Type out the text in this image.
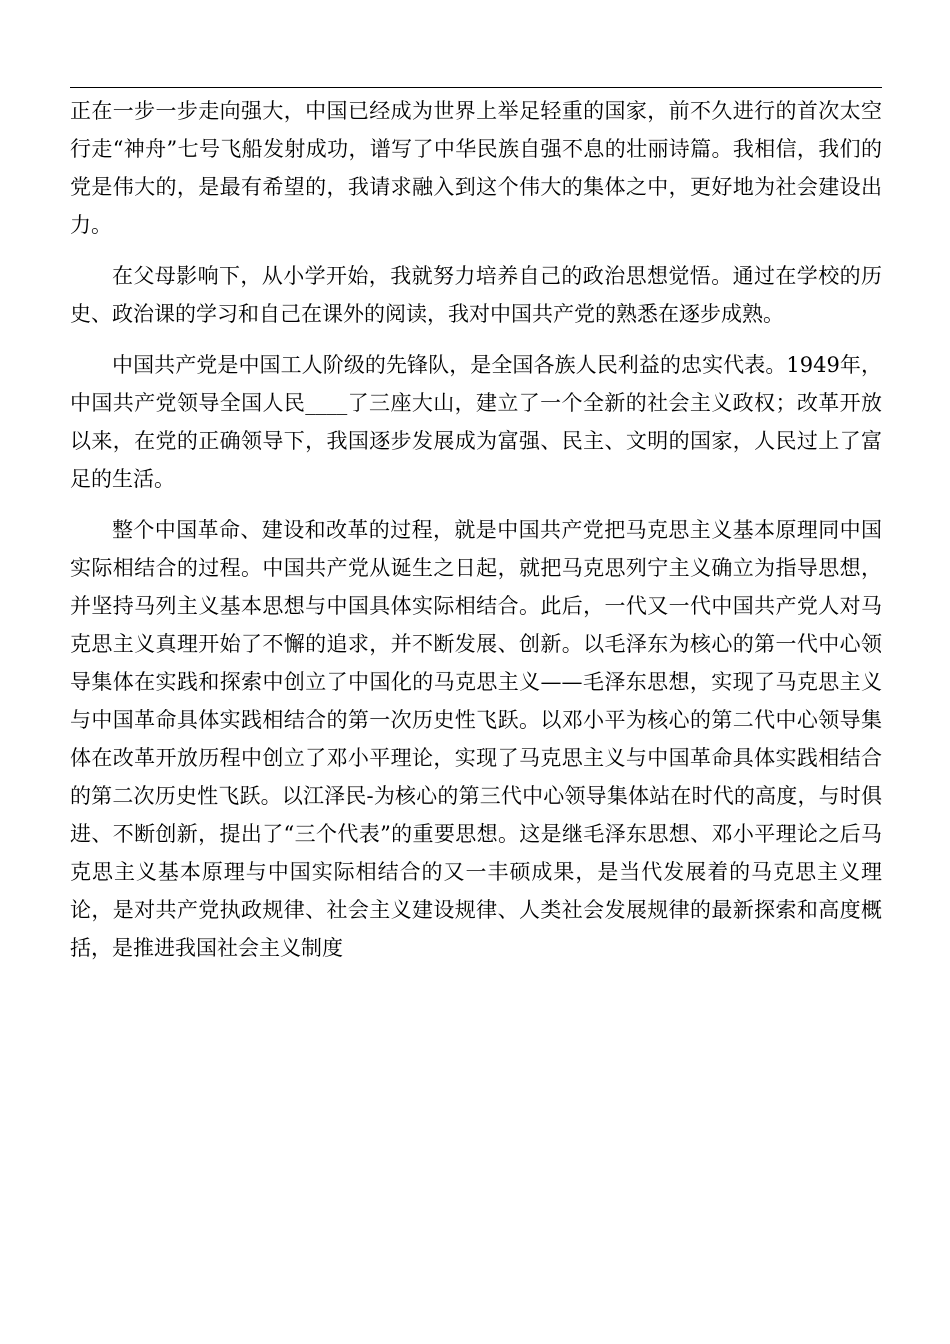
正在一步一步走向强大，中国已经成为世界上举足轻重的国家，前不久进行的首次太空行走“神舟”七号飞船发射成功，谱写了中华民族自强不息的壮丽诗篇。我相信，我们的党是伟大的，是最有希望的，我请求融入到这个伟大的集体之中，更好地为社会建设出力。

在父母影响下，从小学开始，我就努力培养自己的政治思想觉悟。通过在学校的历史、政治课的学习和自己在课外的阅读，我对中国共产党的熟悉在逐步成熟。

中国共产党是中国工人阶级的先锋队，是全国各族人民利益的忠实代表。1949年，中国共产党领导全国人民____了三座大山，建立了一个全新的社会主义政权；改革开放以来，在党的正确领导下，我国逐步发展成为富强、民主、文明的国家，人民过上了富足的生活。

整个中国革命、建设和改革的过程，就是中国共产党把马克思主义基本原理同中国实际相结合的过程。中国共产党从诞生之日起，就把马克思列宁主义确立为指导思想，并坚持马列主义基本思想与中国具体实际相结合。此后，一代又一代中国共产党人对马克思主义真理开始了不懈的追求，并不断发展、创新。以毛泽东为核心的第一代中心领导集体在实践和探索中创立了中国化的马克思主义——毛泽东思想，实现了马克思主义与中国革命具体实践相结合的第一次历史性飞跃。以邓小平为核心的第二代中心领导集体在改革开放历程中创立了邓小平理论，实现了马克思主义与中国革命具体实践相结合的第二次历史性飞跃。以江泽民-为核心的第三代中心领导集体站在时代的高度，与时俱进、不断创新，提出了“三个代表”的重要思想。这是继毛泽东思想、邓小平理论之后马克思主义基本原理与中国实际相结合的又一丰硕成果，是当代发展着的马克思主义理论，是对共产党执政规律、社会主义建设规律、人类社会发展规律的最新探索和高度概括，是推进我国社会主义制度
